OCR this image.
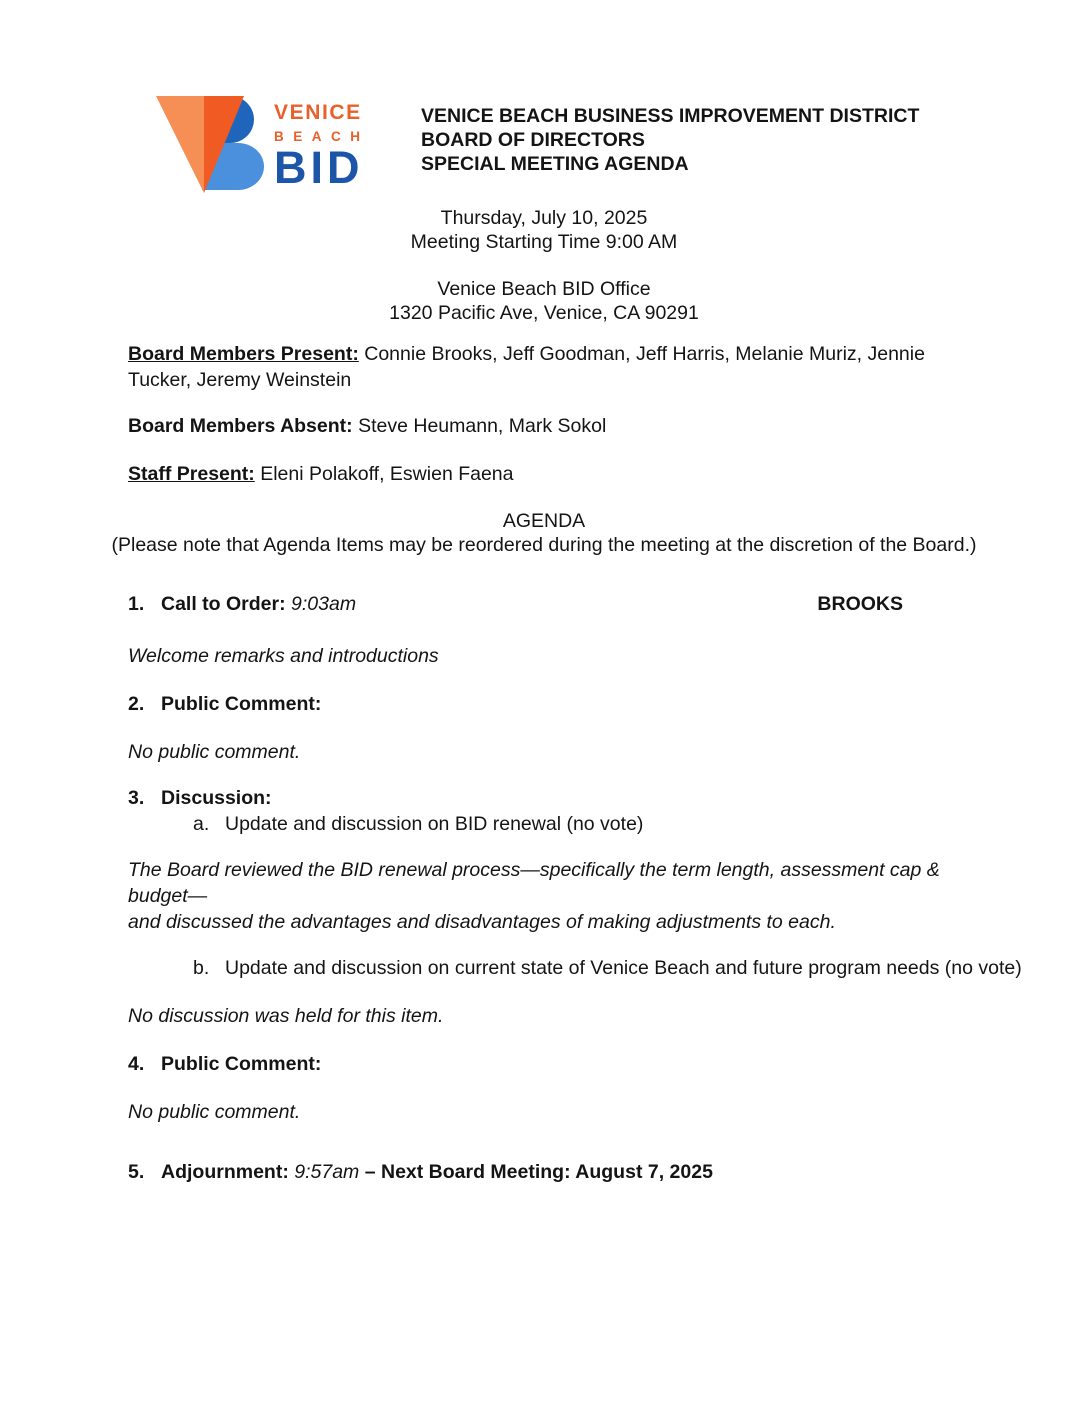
VENICE
BEACH
BID
VENICE BEACH BUSINESS IMPROVEMENT DISTRICT
BOARD OF DIRECTORS
SPECIAL MEETING AGENDA
Thursday, July 10, 2025
Meeting Starting Time 9:00 AM
Venice Beach BID Office
1320 Pacific Ave, Venice, CA 90291

Board Members Present: Connie Brooks, Jeff Goodman, Jeff Harris, Melanie Muriz, Jennie Tucker, Jeremy Weinstein

Board Members Absent: Steve Heumann, Mark Sokol

Staff Present: Eleni Polakoff, Eswien Faena

AGENDA
(Please note that Agenda Items may be reordered during the meeting at the discretion of the Board.)

BROOKS
1. Call to Order: 9:03am

Welcome remarks and introductions

2. Public Comment:

No public comment.

3. Discussion:

a. Update and discussion on BID renewal (no vote)

The Board reviewed the BID renewal process—specifically the term length, assessment cap & budget—
and discussed the advantages and disadvantages of making adjustments to each.

b. Update and discussion on current state of Venice Beach and future program needs (no vote)

No discussion was held for this item.

4. Public Comment:

No public comment.

5. Adjournment: 9:57am – Next Board Meeting: August 7, 2025
